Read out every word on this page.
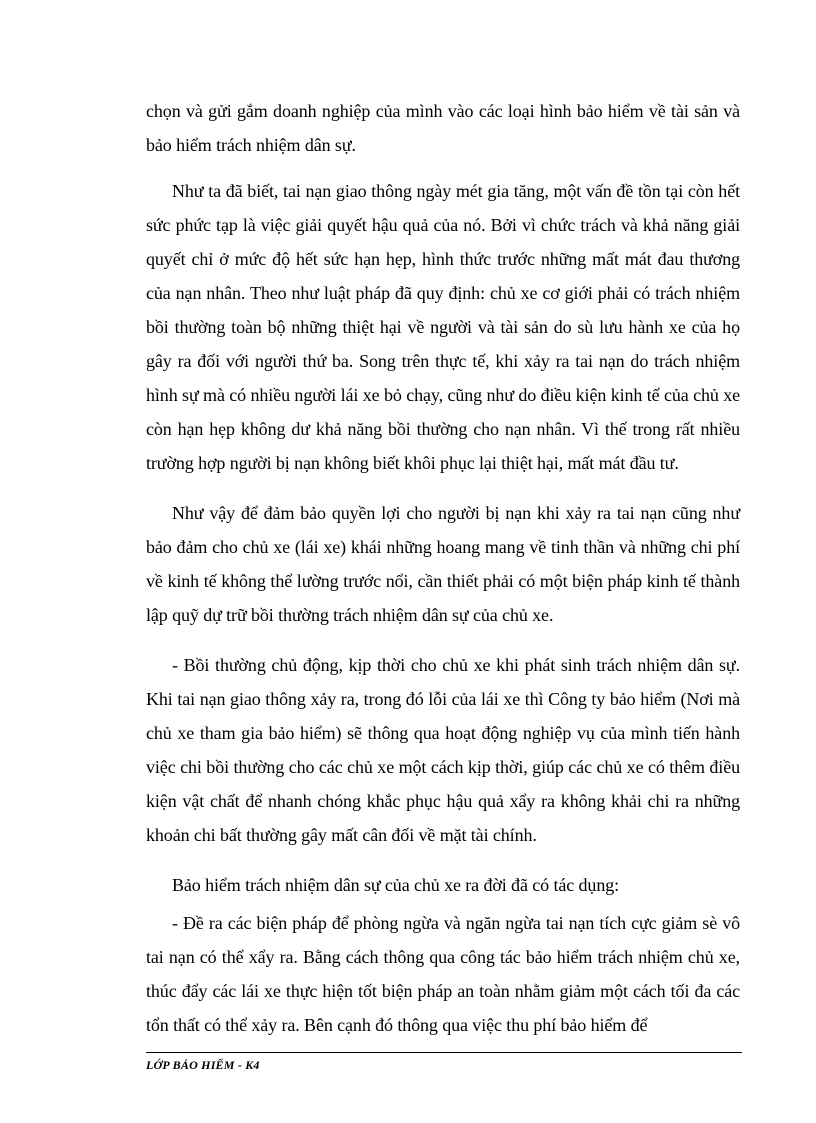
chọn và gửi gắm doanh nghiệp của mình vào các loại hình bảo hiểm về tài sản và bảo hiểm trách nhiệm dân sự.

Như ta đã biết, tai nạn giao thông ngày mét gia tăng, một vấn đề tồn tại còn hết sức phức tạp là việc giải quyết hậu quả của nó. Bởi vì chức trách và khả năng giải quyết chỉ ở mức độ hết sức hạn hẹp, hình thức trước những mất mát đau thương của nạn nhân. Theo như luật pháp đã quy định: chủ xe cơ giới phải có trách nhiệm bồi thường toàn bộ những thiệt hại về người và tài sản do sù lưu hành xe của họ gây ra đối với người thứ ba. Song trên thực tế, khi xảy ra tai nạn do trách nhiệm hình sự mà có nhiều người lái xe bỏ chạy, cũng như do điều kiện kinh tế của chủ xe còn hạn hẹp không dư khả năng bồi thường cho nạn nhân. Vì thế trong rất nhiều trường hợp người bị nạn không biết khôi phục lại thiệt hại, mất mát đầu tư.

Như vậy để đảm bảo quyền lợi cho người bị nạn khi xảy ra tai nạn cũng như bảo đảm cho chủ xe (lái xe) khái những hoang mang về tinh thần và những chi phí về kinh tế không thể lường trước nổi, cần thiết phải có một biện pháp kinh tế thành lập quỹ dự trữ bồi thường trách nhiệm dân sự của chủ xe.

- Bồi thường chủ động, kịp thời cho chủ xe khi phát sinh trách nhiệm dân sự. Khi tai nạn giao thông xảy ra, trong đó lỗi của lái xe thì Công ty bảo hiểm (Nơi mà chủ xe tham gia bảo hiểm) sẽ thông qua hoạt động nghiệp vụ của mình tiến hành việc chi bồi thường cho các chủ xe một cách kịp thời, giúp các chủ xe có thêm điều kiện vật chất để nhanh chóng khắc phục hậu quả xẩy ra không khải chi ra những khoản chi bất thường gây mất cân đối về mặt tài chính.

Bảo hiểm trách nhiệm dân sự của chủ xe ra đời đã có tác dụng:

- Đề ra các biện pháp để phòng ngừa và ngăn ngừa tai nạn tích cực giảm sè vô tai nạn có thể xẩy ra. Bằng cách thông qua công tác bảo hiểm trách nhiệm chủ xe, thúc đẩy các lái xe thực hiện tốt biện pháp an toàn nhằm giảm một cách tối đa các tổn thất có thể xảy ra. Bên cạnh đó thông qua việc thu phí bảo hiểm để

LỚP BẢO HIỂM - K4
